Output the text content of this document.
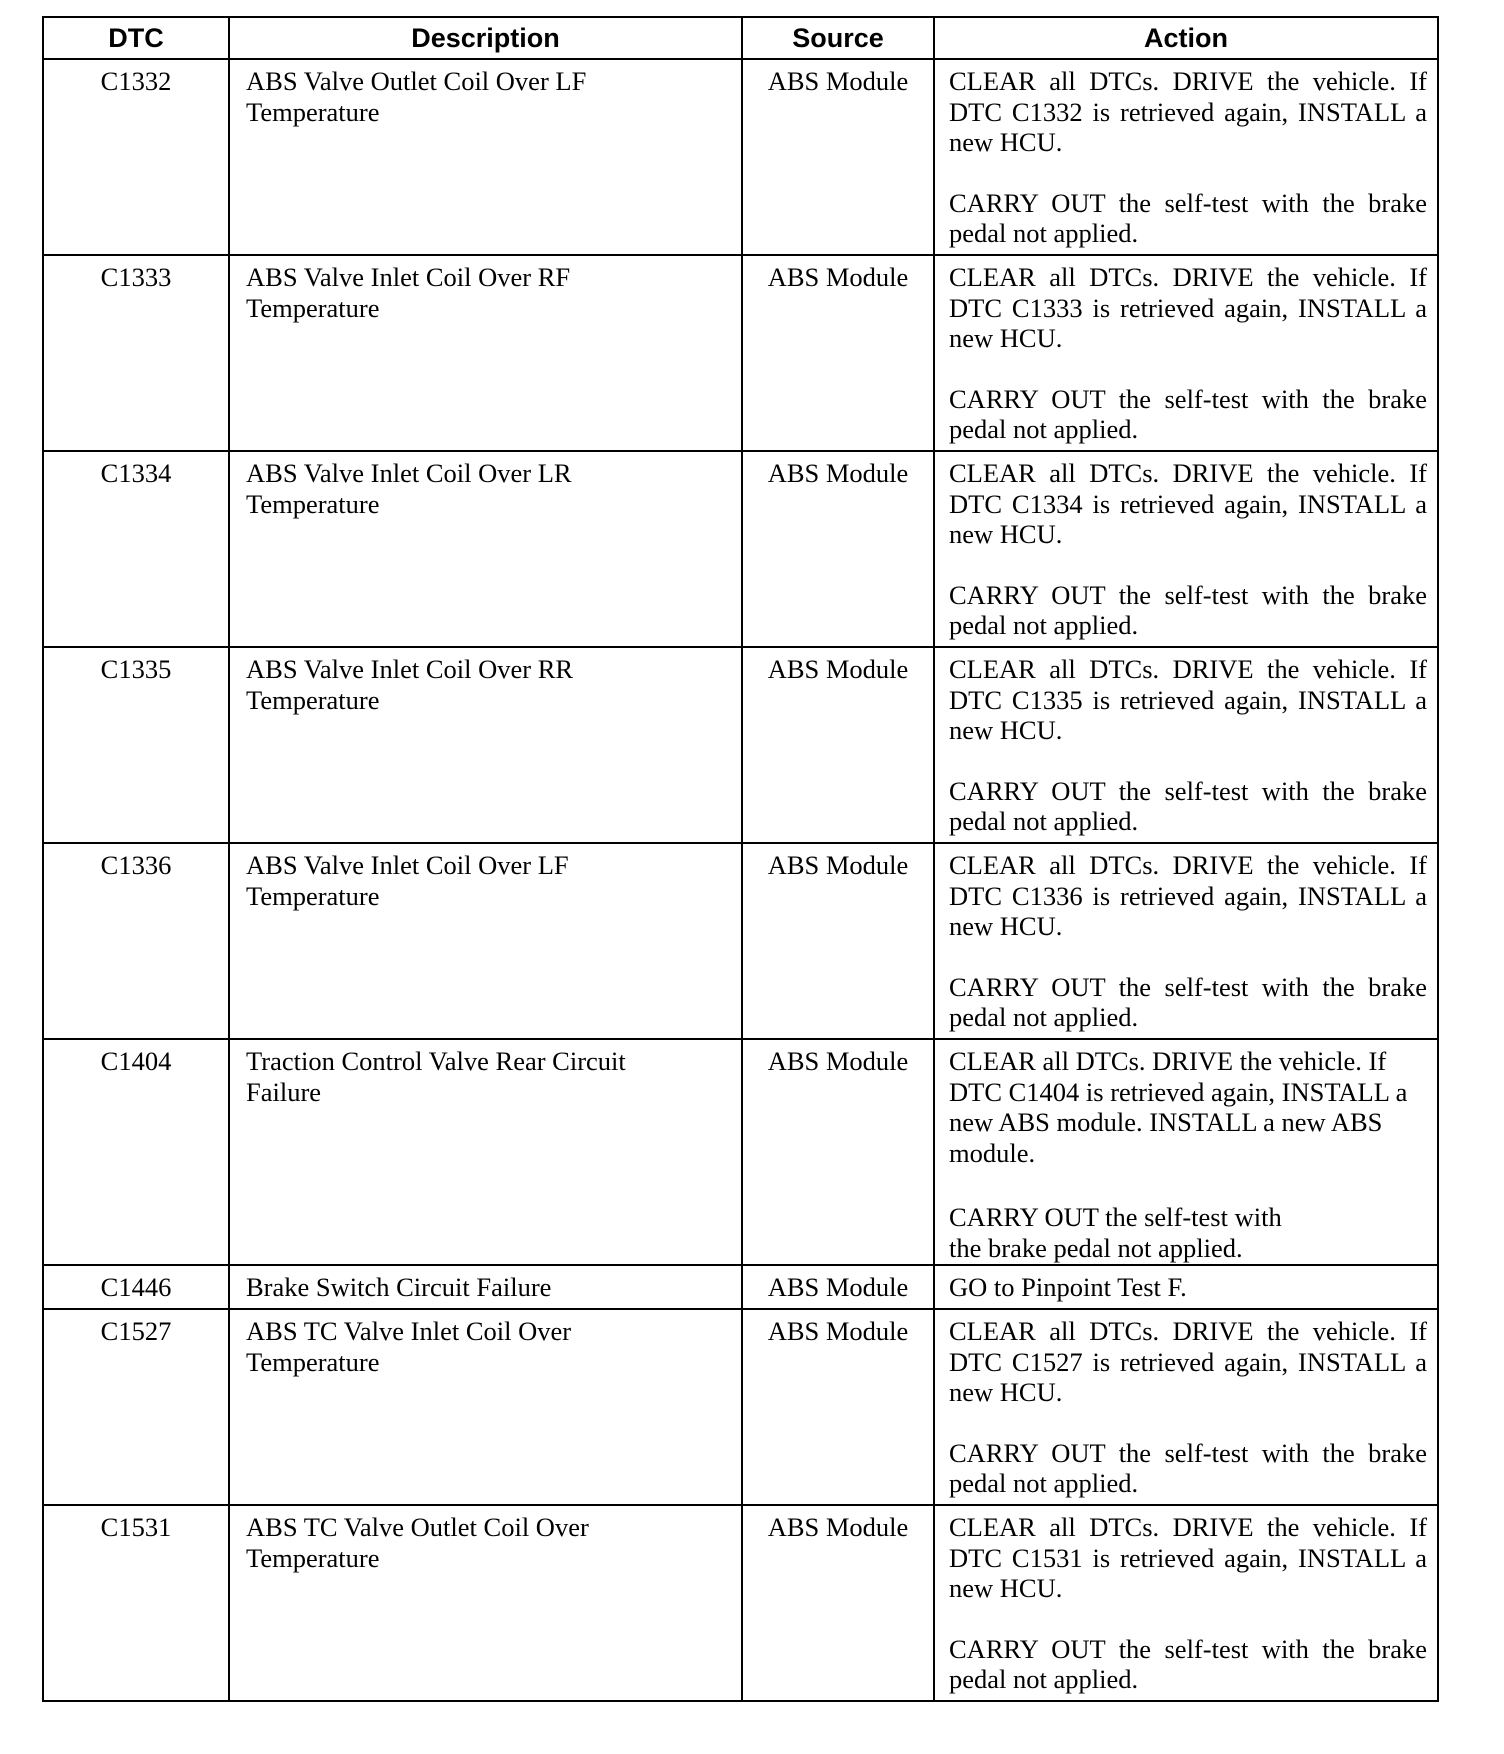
DTC	Description	Source	Action
C1332	ABS Valve Outlet Coil Over LF Temperature	ABS Module	CLEAR all DTCs. DRIVE the vehicle. If DTC C1332 is retrieved again, INSTALL a new HCU.
CARRY OUT the self-test with the brake pedal not applied.

C1333	ABS Valve Inlet Coil Over RF Temperature	ABS Module	CLEAR all DTCs. DRIVE the vehicle. If DTC C1333 is retrieved again, INSTALL a new HCU.
CARRY OUT the self-test with the brake pedal not applied.

C1334	ABS Valve Inlet Coil Over LR Temperature	ABS Module	CLEAR all DTCs. DRIVE the vehicle. If DTC C1334 is retrieved again, INSTALL a new HCU.
CARRY OUT the self-test with the brake pedal not applied.

C1335	ABS Valve Inlet Coil Over RR Temperature	ABS Module	CLEAR all DTCs. DRIVE the vehicle. If DTC C1335 is retrieved again, INSTALL a new HCU.
CARRY OUT the self-test with the brake pedal not applied.

C1336	ABS Valve Inlet Coil Over LF Temperature	ABS Module	CLEAR all DTCs. DRIVE the vehicle. If DTC C1336 is retrieved again, INSTALL a new HCU.
CARRY OUT the self-test with the brake pedal not applied.

C1404	Traction Control Valve Rear Circuit Failure	ABS Module	CLEAR all DTCs. DRIVE the vehicle. If DTC C1404 is retrieved again, INSTALL a new ABS module. INSTALL a new ABS module.
CARRY OUT the self-test with the brake pedal not applied.

C1446	Brake Switch Circuit Failure	ABS Module	GO to Pinpoint Test F.

C1527	ABS TC Valve Inlet Coil Over Temperature	ABS Module	CLEAR all DTCs. DRIVE the vehicle. If DTC C1527 is retrieved again, INSTALL a new HCU.
CARRY OUT the self-test with the brake pedal not applied.

C1531	ABS TC Valve Outlet Coil Over Temperature	ABS Module	CLEAR all DTCs. DRIVE the vehicle. If DTC C1531 is retrieved again, INSTALL a new HCU.
CARRY OUT the self-test with the brake pedal not applied.
